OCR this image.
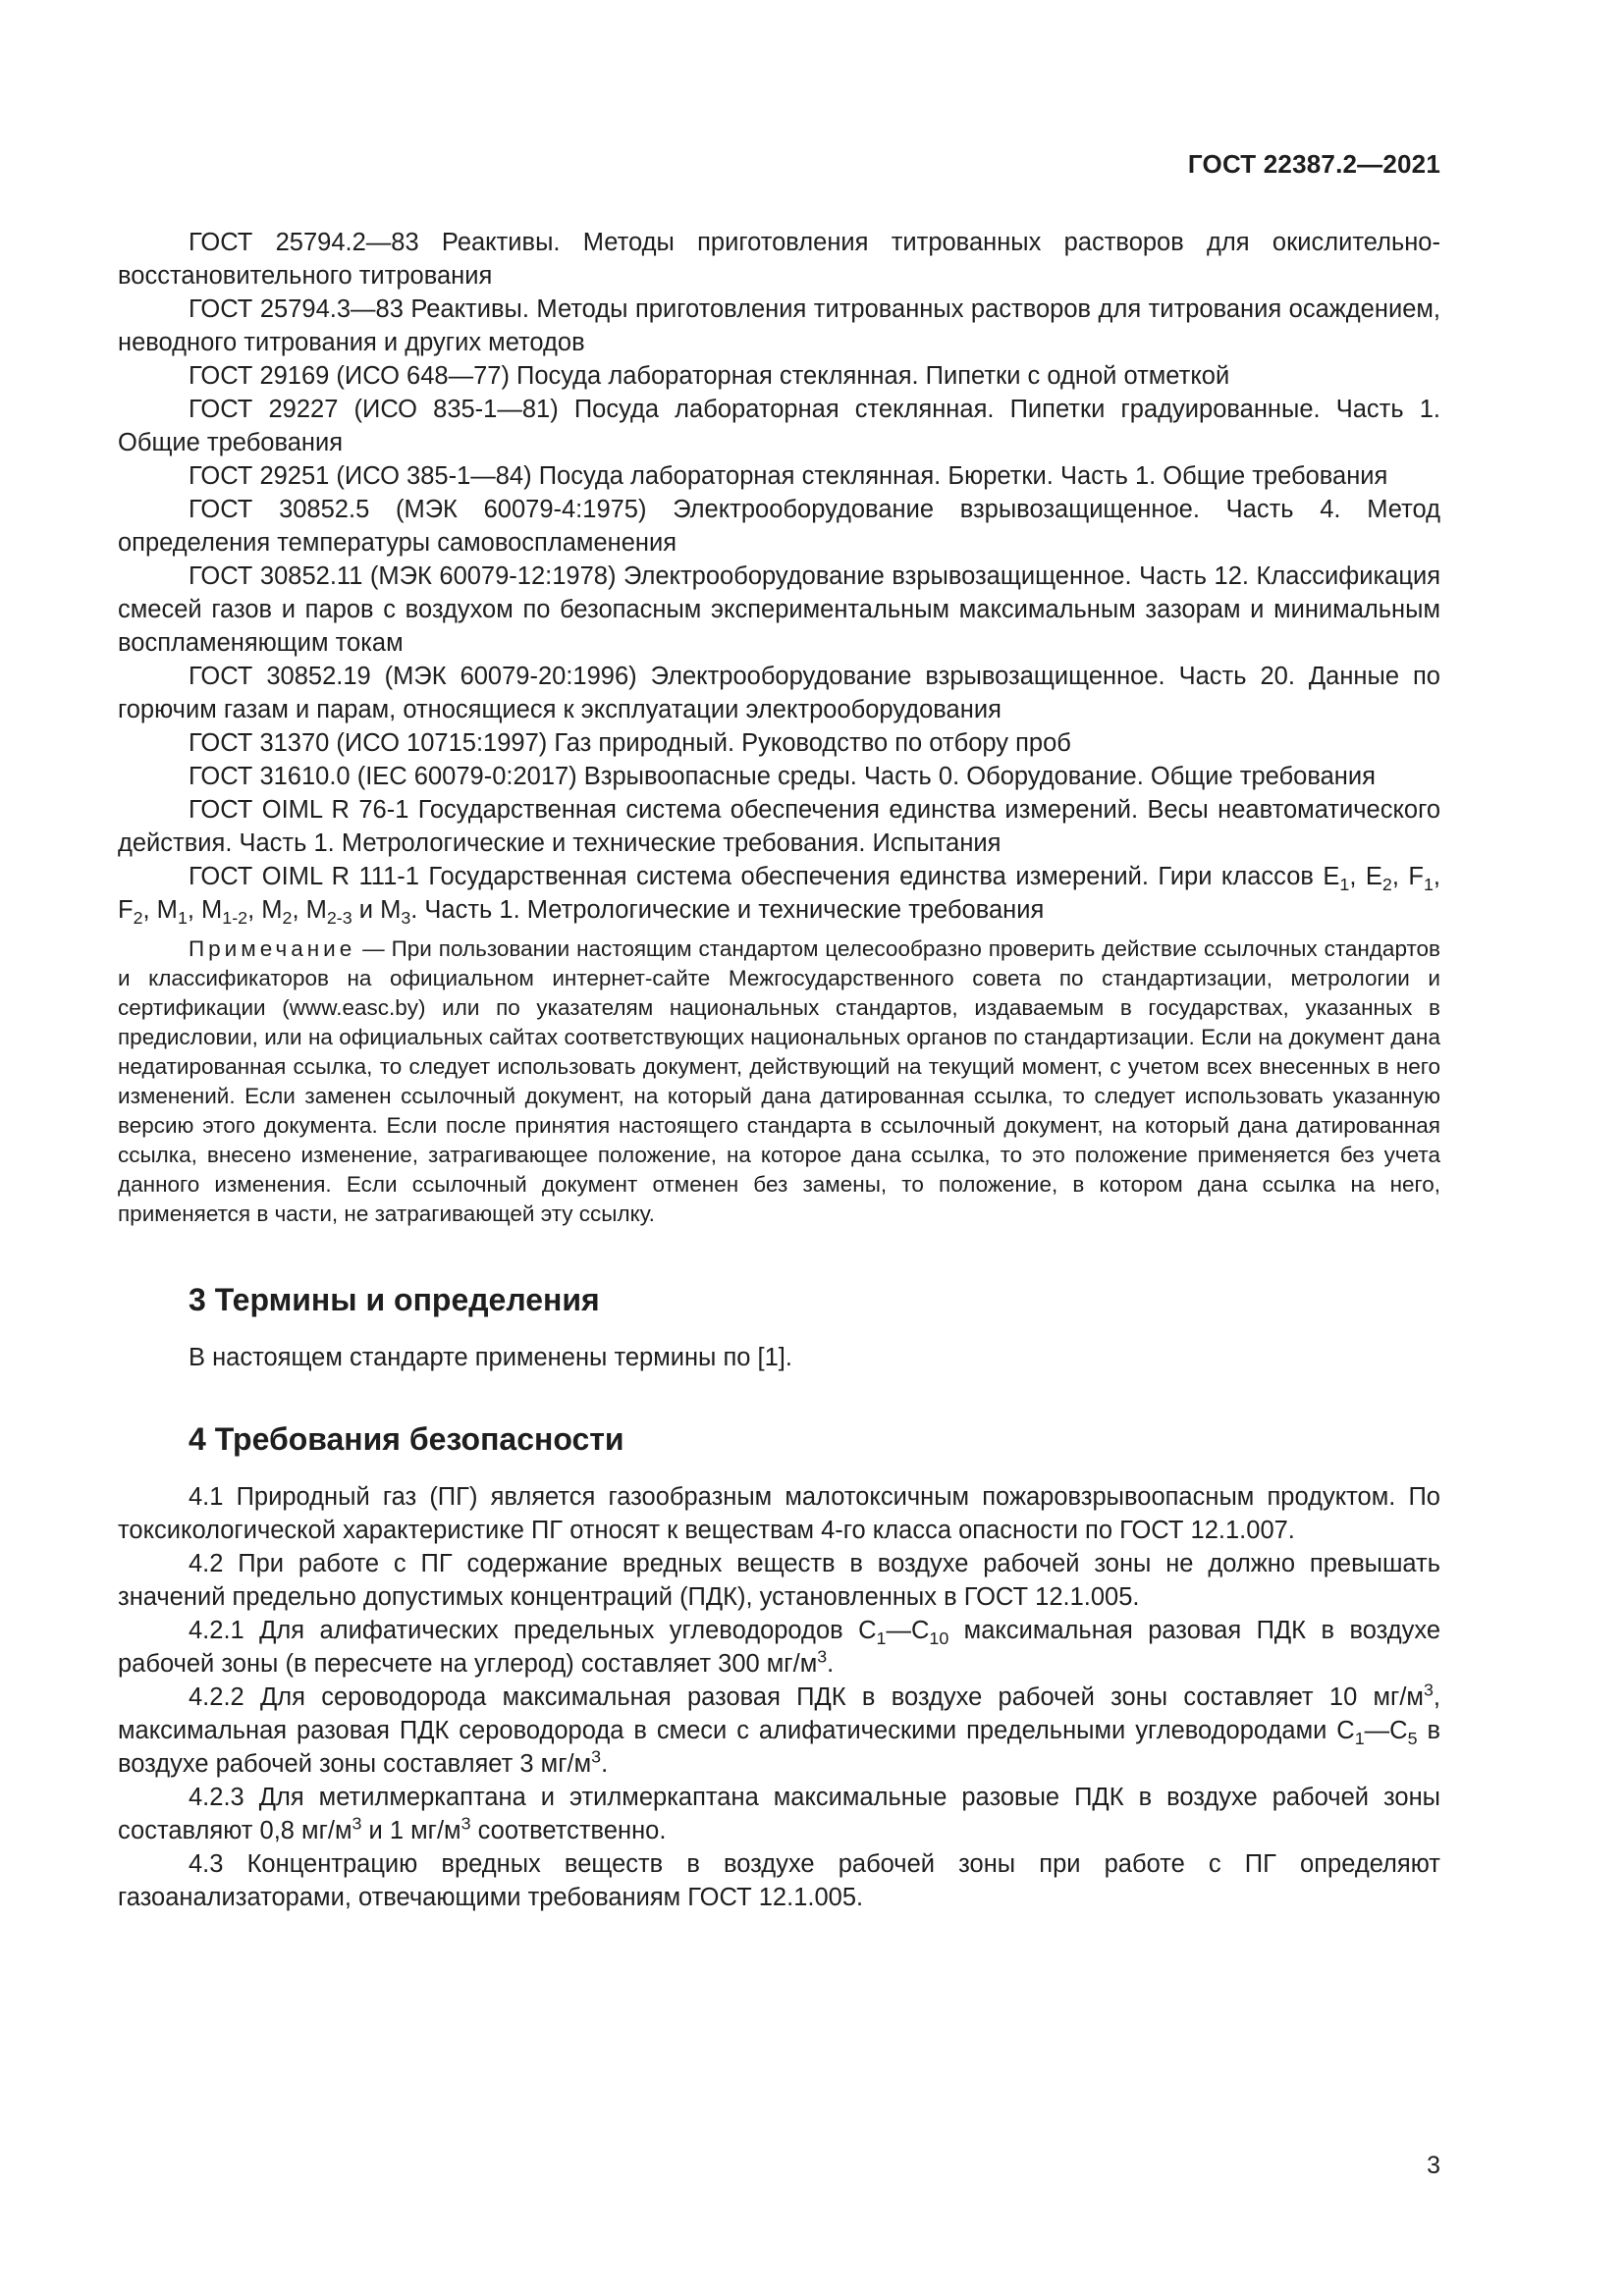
ГОСТ 22387.2—2021

ГОСТ 25794.2—83 Реактивы. Методы приготовления титрованных растворов для окислительно-восстановительного титрования

ГОСТ 25794.3—83 Реактивы. Методы приготовления титрованных растворов для титрования осаждением, неводного титрования и других методов

ГОСТ 29169 (ИСО 648—77) Посуда лабораторная стеклянная. Пипетки с одной отметкой

ГОСТ 29227 (ИСО 835-1—81) Посуда лабораторная стеклянная. Пипетки градуированные. Часть 1. Общие требования

ГОСТ 29251 (ИСО 385-1—84) Посуда лабораторная стеклянная. Бюретки. Часть 1. Общие требования

ГОСТ 30852.5 (МЭК 60079-4:1975) Электрооборудование взрывозащищенное. Часть 4. Метод определения температуры самовоспламенения

ГОСТ 30852.11 (МЭК 60079-12:1978) Электрооборудование взрывозащищенное. Часть 12. Классификация смесей газов и паров с воздухом по безопасным экспериментальным максимальным зазорам и минимальным воспламеняющим токам

ГОСТ 30852.19 (МЭК 60079-20:1996) Электрооборудование взрывозащищенное. Часть 20. Данные по горючим газам и парам, относящиеся к эксплуатации электрооборудования

ГОСТ 31370 (ИСО 10715:1997) Газ природный. Руководство по отбору проб

ГОСТ 31610.0 (IEC 60079-0:2017) Взрывоопасные среды. Часть 0. Оборудование. Общие требования

ГОСТ OIML R 76-1 Государственная система обеспечения единства измерений. Весы неавтоматического действия. Часть 1. Метрологические и технические требования. Испытания

ГОСТ OIML R 111-1 Государственная система обеспечения единства измерений. Гири классов $E_1$, $E_2$, $F_1$, $F_2$, $M_1$, $M_{1-2}$, $M_2$, $M_{2-3}$ и $M_3$. Часть 1. Метрологические и технические требования

Примечание — При пользовании настоящим стандартом целесообразно проверить действие ссылочных стандартов и классификаторов на официальном интернет-сайте Межгосударственного совета по стандартизации, метрологии и сертификации (www.easc.by) или по указателям национальных стандартов, издаваемым в государствах, указанных в предисловии, или на официальных сайтах соответствующих национальных органов по стандартизации. Если на документ дана недатированная ссылка, то следует использовать документ, действующий на текущий момент, с учетом всех внесенных в него изменений. Если заменен ссылочный документ, на который дана датированная ссылка, то следует использовать указанную версию этого документа. Если после принятия настоящего стандарта в ссылочный документ, на который дана датированная ссылка, внесено изменение, затрагивающее положение, на которое дана ссылка, то это положение применяется без учета данного изменения. Если ссылочный документ отменен без замены, то положение, в котором дана ссылка на него, применяется в части, не затрагивающей эту ссылку.

3 Термины и определения

В настоящем стандарте применены термины по [1].

4 Требования безопасности

4.1 Природный газ (ПГ) является газообразным малотоксичным пожаровзрывоопасным продуктом. По токсикологической характеристике ПГ относят к веществам 4-го класса опасности по ГОСТ 12.1.007.

4.2 При работе с ПГ содержание вредных веществ в воздухе рабочей зоны не должно превышать значений предельно допустимых концентраций (ПДК), установленных в ГОСТ 12.1.005.

4.2.1 Для алифатических предельных углеводородов $С_1—С_{10}$ максимальная разовая ПДК в воздухе рабочей зоны (в пересчете на углерод) составляет 300 $мг/м^3$.

4.2.2 Для сероводорода максимальная разовая ПДК в воздухе рабочей зоны составляет 10 $мг/м^3$, максимальная разовая ПДК сероводорода в смеси с алифатическими предельными углеводородами $С_1—С_5$ в воздухе рабочей зоны составляет 3 $мг/м^3$.

4.2.3 Для метилмеркаптана и этилмеркаптана максимальные разовые ПДК в воздухе рабочей зоны составляют 0,8 $мг/м^3$ и 1 $мг/м^3$ соответственно.

4.3 Концентрацию вредных веществ в воздухе рабочей зоны при работе с ПГ определяют газоанализаторами, отвечающими требованиям ГОСТ 12.1.005.

3
